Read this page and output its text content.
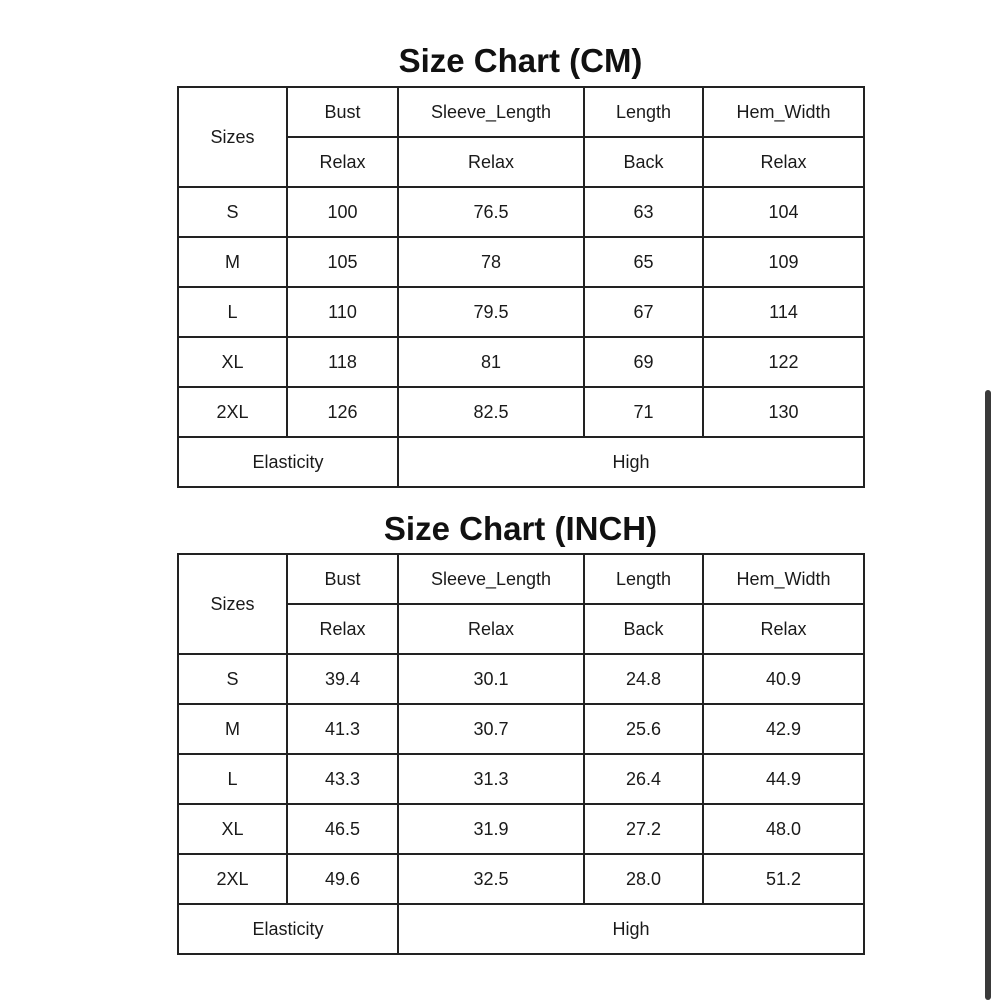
Size Chart (CM)
Sizes	Bust	Sleeve_Length	Length	Hem_Width
	Relax	Relax	Back	Relax
S	100	76.5	63	104
M	105	78	65	109
L	110	79.5	67	114
XL	118	81	69	122
2XL	126	82.5	71	130
Elasticity		High		
Size Chart (INCH)
Sizes	Bust	Sleeve_Length	Length	Hem_Width
	Relax	Relax	Back	Relax
S	39.4	30.1	24.8	40.9
M	41.3	30.7	25.6	42.9
L	43.3	31.3	26.4	44.9
XL	46.5	31.9	27.2	48.0
2XL	49.6	32.5	28.0	51.2
Elasticity		High		
